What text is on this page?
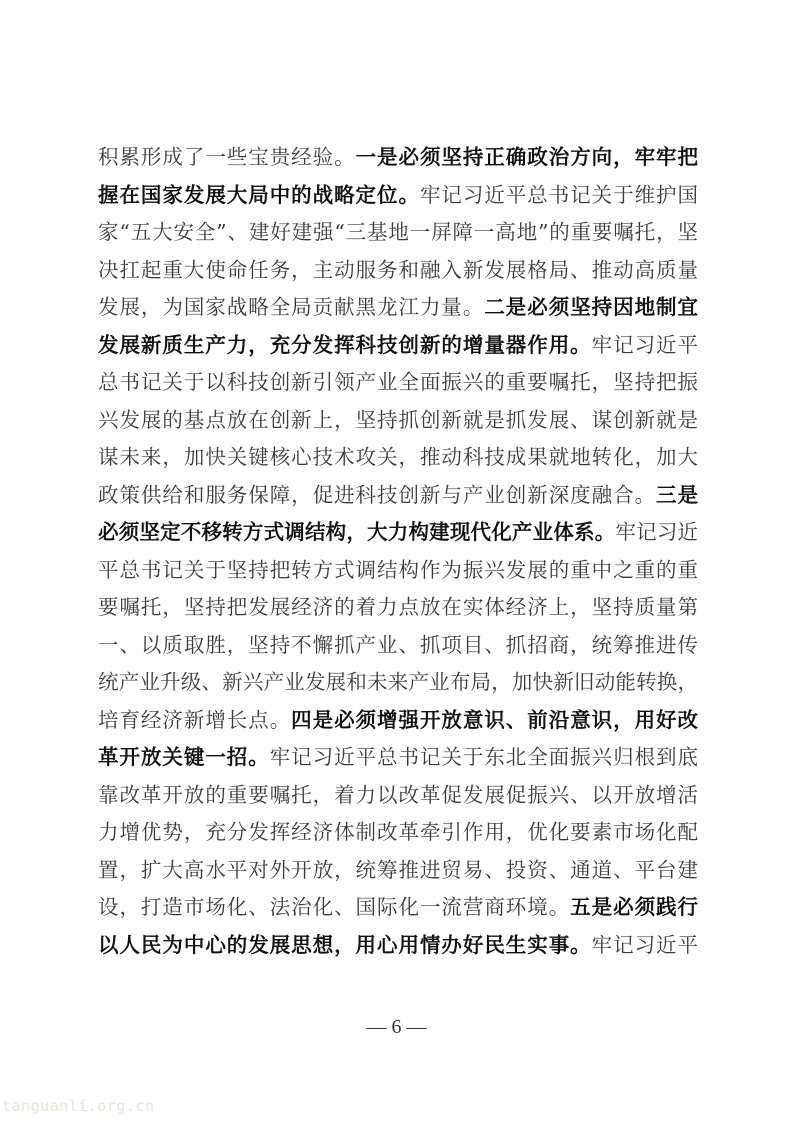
积累形成了一些宝贵经验。一是必须坚持正确政治方向，牢牢把
握在国家发展大局中的战略定位。牢记习近平总书记关于维护国
家“五大安全”、建好建强“三基地一屏障一高地”的重要嘱托，坚
决扛起重大使命任务，主动服务和融入新发展格局、推动高质量
发展，为国家战略全局贡献黑龙江力量。二是必须坚持因地制宜
发展新质生产力，充分发挥科技创新的增量器作用。牢记习近平
总书记关于以科技创新引领产业全面振兴的重要嘱托，坚持把振
兴发展的基点放在创新上，坚持抓创新就是抓发展、谋创新就是
谋未来，加快关键核心技术攻关，推动科技成果就地转化，加大
政策供给和服务保障，促进科技创新与产业创新深度融合。三是
必须坚定不移转方式调结构，大力构建现代化产业体系。牢记习近
平总书记关于坚持把转方式调结构作为振兴发展的重中之重的重
要嘱托，坚持把发展经济的着力点放在实体经济上，坚持质量第
一、以质取胜，坚持不懈抓产业、抓项目、抓招商，统筹推进传
统产业升级、新兴产业发展和未来产业布局，加快新旧动能转换，
培育经济新增长点。四是必须增强开放意识、前沿意识，用好改
革开放关键一招。牢记习近平总书记关于东北全面振兴归根到底
靠改革开放的重要嘱托，着力以改革促发展促振兴、以开放增活
力增优势，充分发挥经济体制改革牵引作用，优化要素市场化配
置，扩大高水平对外开放，统筹推进贸易、投资、通道、平台建
设，打造市场化、法治化、国际化一流营商环境。五是必须践行
以人民为中心的发展思想，用心用情办好民生实事。牢记习近平
— 6 —
tanguanli.org.cn
